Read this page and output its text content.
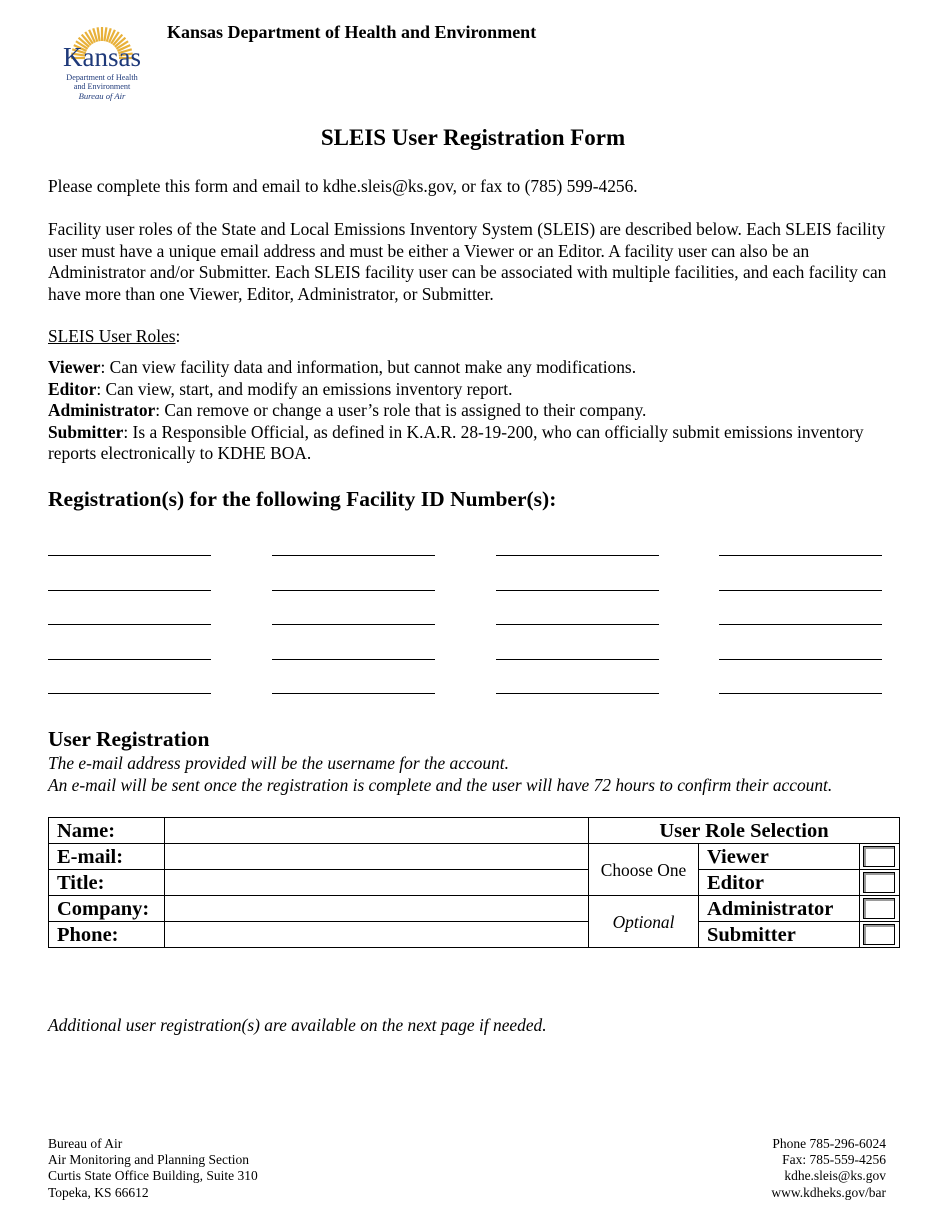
Kansas
Department of Health
and Environment
Bureau of Air
Kansas Department of Health and Environment
SLEIS User Registration Form
Please complete this form and email to kdhe.sleis@ks.gov, or fax to (785) 599-4256.
Facility user roles of the State and Local Emissions Inventory System (SLEIS) are described below. Each SLEIS facility user must have a unique email address and must be either a Viewer or an Editor. A facility user can also be an Administrator and/or Submitter. Each SLEIS facility user can be associated with multiple facilities, and each facility can have more than one Viewer, Editor, Administrator, or Submitter.
SLEIS User Roles:
Viewer: Can view facility data and information, but cannot make any modifications.
Editor: Can view, start, and modify an emissions inventory report.
Administrator: Can remove or change a user’s role that is assigned to their company.
Submitter: Is a Responsible Official, as defined in K.A.R. 28-19-200, who can officially submit emissions inventory reports electronically to KDHE BOA.
Registration(s) for the following Facility ID Number(s):
User Registration
The e-mail address provided will be the username for the account.
An e-mail will be sent once the registration is complete and the user will have 72 hours to confirm their account.
Name:		User Role Selection		
E-mail:		Choose One	Viewer	

Title:			Editor	

Company:		Optional	Administrator	

Phone:			Submitter	
Additional user registration(s) are available on the next page if needed.
Bureau of Air
Air Monitoring and Planning Section
Curtis State Office Building, Suite 310
Topeka, KS 66612
Phone 785-296-6024
Fax: 785-559-4256
kdhe.sleis@ks.gov
www.kdheks.gov/bar
